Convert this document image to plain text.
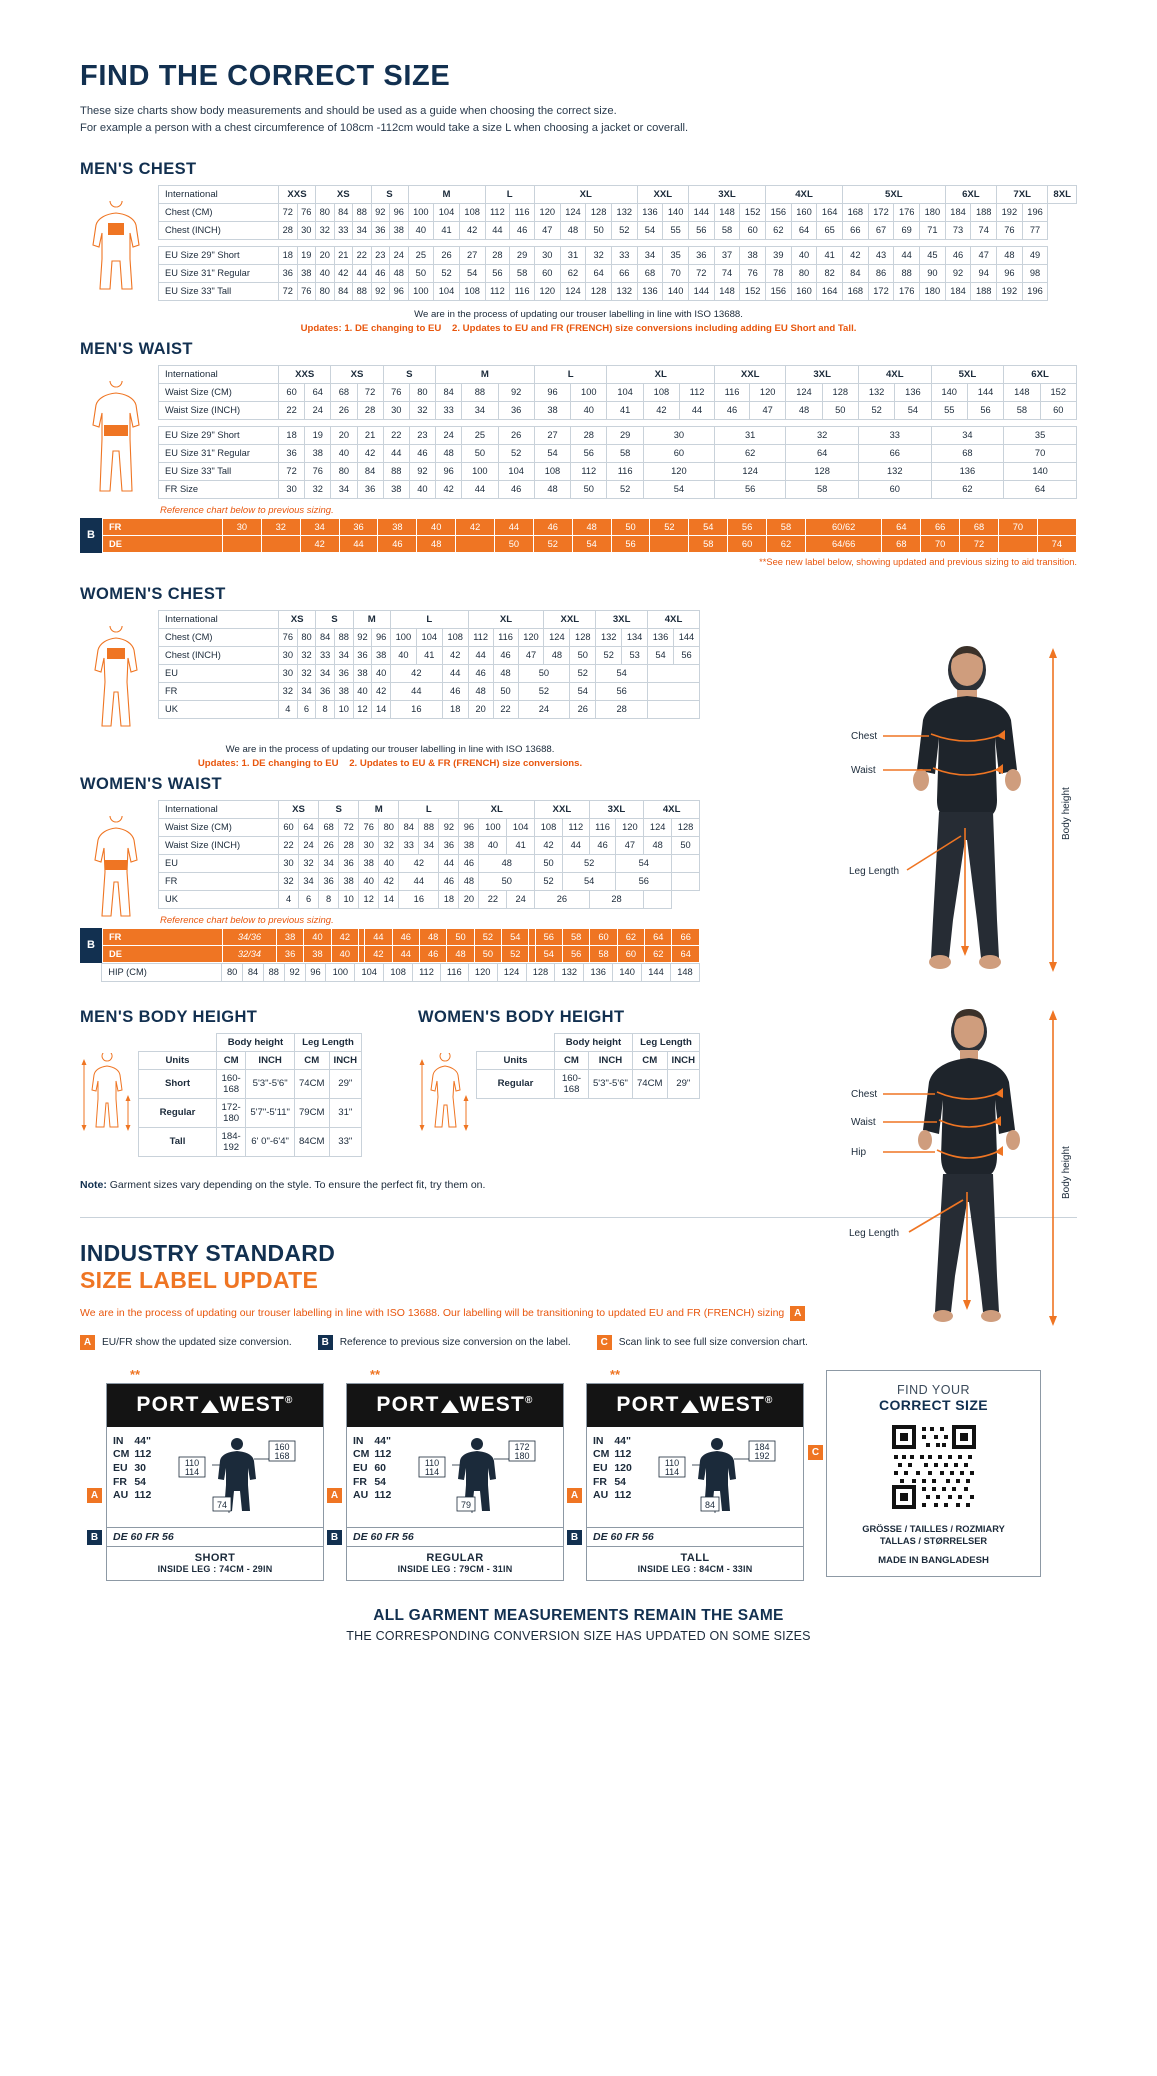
FIND THE CORRECT SIZE
These size charts show body measurements and should be used as a guide when choosing the correct size.
For example a person with a chest circumference of 108cm -112cm would take a size L when choosing a jacket or coverall.
MEN'S CHEST
International	XXS		XS			S		M			L		XL				XXL		3XL			4XL			5XL				6XL		7XL		8XL
Chest (CM)	72	76	80	84	88	92	96	100	104	108	112	116	120	124	128	132	136	140	144	148	152	156	160	164	168	172	176	180	184	188	192	196	
Chest (INCH)	28	30	32	33	34	36	38	40	41	42	44	46	47	48	50	52	54	55	56	58	60	62	64	65	66	67	69	71	73	74	76	77	

EU Size 29" Short	18	19	20	21	22	23	24	25	26	27	28	29	30	31	32	33	34	35	36	37	38	39	40	41	42	43	44	45	46	47	48	49	
EU Size 31" Regular	36	38	40	42	44	46	48	50	52	54	56	58	60	62	64	66	68	70	72	74	76	78	80	82	84	86	88	90	92	94	96	98	
EU Size 33" Tall	72	76	80	84	88	92	96	100	104	108	112	116	120	124	128	132	136	140	144	148	152	156	160	164	168	172	176	180	184	188	192	196	
We are in the process of updating our trouser labelling in line with ISO 13688.
Updates: 1. DE changing to EU 2. Updates to EU and FR (FRENCH) size conversions including adding EU Short and Tall.
MEN'S WAIST
International	XXS		XS		S		M			L		XL			XXL		3XL		4XL		5XL		6XL	
Waist Size (CM)	60	64	68	72	76	80	84	88	92	96	100	104	108	112	116	120	124	128	132	136	140	144	148	152
Waist Size (INCH)	22	24	26	28	30	32	33	34	36	38	40	41	42	44	46	47	48	50	52	54	55	56	58	60

EU Size 29" Short	18	19	20	21	22	23	24	25	26	27	28	29	30		31		32		33		34		35	
EU Size 31" Regular	36	38	40	42	44	46	48	50	52	54	56	58	60		62		64		66		68		70	
EU Size 33" Tall	72	76	80	84	88	92	96	100	104	108	112	116	120		124		128		132		136		140	
FR Size	30	32	34	36	38	40	42	44	46	48	50	52	54		56		58		60		62		64	
Reference chart below to previous sizing.
B
FR	30	32	34	36	38	40	42	44	46	48	50	52	54	56	58	60/62	64	66	68	70	
DE			42	44	46	48		50	52	54	56		58	60	62	64/66	68	70	72		74
**See new label below, showing updated and previous sizing to aid transition.
WOMEN'S CHEST
International	XS		S		M		L			XL			XXL		3XL		4XL	
Chest (CM)	76	80	84	88	92	96	100	104	108	112	116	120	124	128	132	134	136	144
Chest (INCH)	30	32	33	34	36	38	40	41	42	44	46	47	48	50	52	53	54	56
EU	30	32	34	36	38	40	42		44	46	48	50		52	54			
FR	32	34	36	38	40	42	44		46	48	50	52		54	56			
UK	4	6	8	10	12	14	16		18	20	22	24		26	28			
We are in the process of updating our trouser labelling in line with ISO 13688.
Updates: 1. DE changing to EU 2. Updates to EU & FR (FRENCH) size conversions.
WOMEN'S WAIST
International	XS		S		M		L			XL			XXL		3XL		4XL	
Waist Size (CM)	60	64	68	72	76	80	84	88	92	96	100	104	108	112	116	120	124	128
Waist Size (INCH)	22	24	26	28	30	32	33	34	36	38	40	41	42	44	46	47	48	50
EU	30	32	34	36	38	40	42		44	46	48		50	52		54		
FR	32	34	36	38	40	42	44		46	48	50		52	54		56		
UK	4	6	8	10	12	14	16		18	20	22	24	26		28			
Reference chart below to previous sizing.
B
FR	34/36	38	40	42		44	46	48	50	52	54		56	58	60	62	64	66
DE	32/34	36	38	40		42	44	46	48	50	52		54	56	58	60	62	64
HIP (CM)	80	84	88	92	96	100	104	108	112	116	120	124	128	132	136	140	144	148
MEN'S BODY HEIGHT
	Body height		Leg Length	
Units	CM	INCH	CM	INCH
Short	160-168	5'3"-5'6"	74CM	29"
Regular	172-180	5'7"-5'11"	79CM	31"
Tall	184-192	6' 0"-6'4"	84CM	33"
WOMEN'S BODY HEIGHT
	Body height		Leg Length	
Units	CM	INCH	CM	INCH
Regular	160-168	5'3"-5'6"	74CM	29"
Note: Garment sizes vary depending on the style. To ensure the perfect fit, try them on.
Chest
Waist
Leg Length
Body height
Chest
Waist
Hip
Leg Length
Body height
INDUSTRY STANDARD
SIZE LABEL UPDATE
We are in the process of updating our trouser labelling in line with ISO 13688. Our labelling will be transitioning to updated EU and FR (FRENCH) sizing A
A	EU/FR show the updated size conversion.	B	Reference to previous size conversion on the label.	C	Scan link to see full size conversion chart.
**
PORT WEST®
IN	44"
CM	112
EU	30
FR	54
AU	112
110
114
160
168
74
DE 60 FR 56
SHORT
INSIDE LEG : 74CM - 29IN
A
B
**
PORT WEST®
IN	44"
CM	112
EU	60
FR	54
AU	112
110
114
172
180
79
DE 60 FR 56
REGULAR
INSIDE LEG : 79CM - 31IN
A
B
**
PORT WEST®
IN	44"
CM	112
EU	120
FR	54
AU	112
110
114
184
192
84
DE 60 FR 56
TALL
INSIDE LEG : 84CM - 33IN
A
B
FIND YOUR
CORRECT SIZE
GRÖSSE / TAILLES / ROZMIARY
TALLAS / STØRRELSER
MADE IN BANGLADESH
C
ALL GARMENT MEASUREMENTS REMAIN THE SAME
THE CORRESPONDING CONVERSION SIZE HAS UPDATED ON SOME SIZES
